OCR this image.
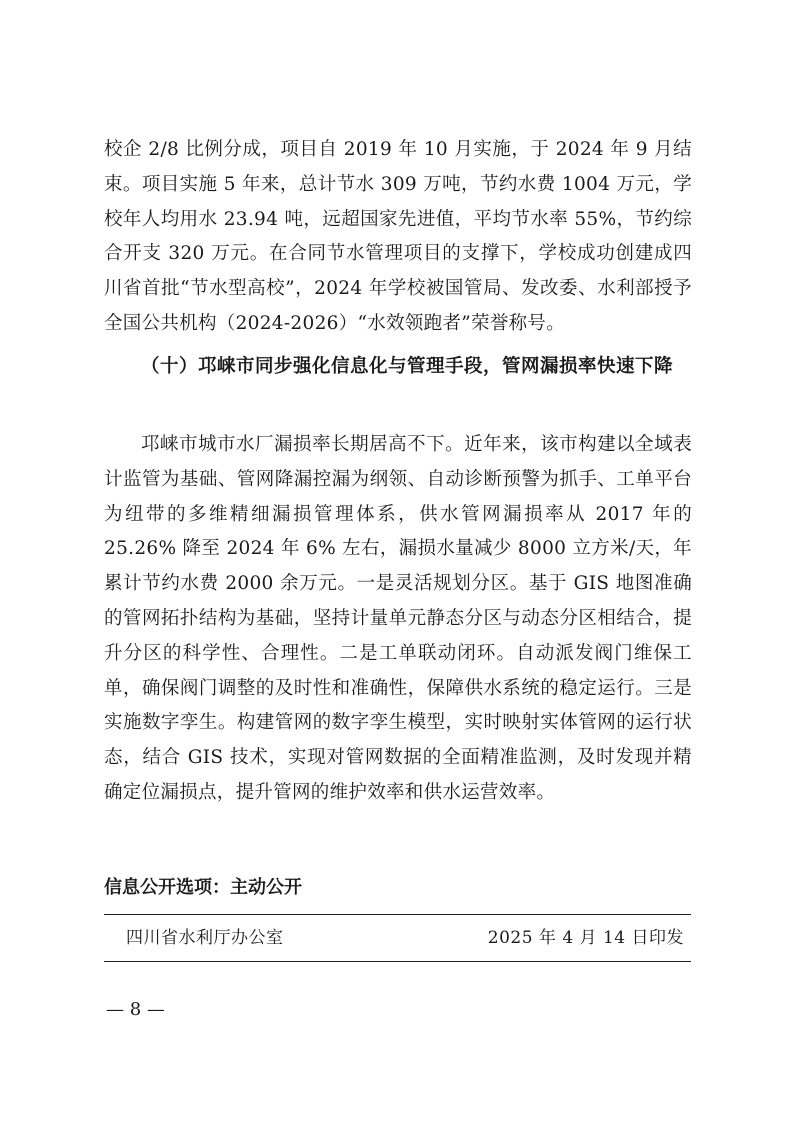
校企 2/8 比例分成，项目自 2019 年 10 月实施，于 2024 年 9 月结束。项目实施 5 年来，总计节水 309 万吨，节约水费 1004 万元，学校年人均用水 23.94 吨，远超国家先进值，平均节水率 55%，节约综合开支 320 万元。在合同节水管理项目的支撑下，学校成功创建成四川省首批“节水型高校”，2024 年学校被国管局、发改委、水利部授予全国公共机构（2024-2026）“水效领跑者”荣誉称号。

（十）邛崃市同步强化信息化与管理手段，管网漏损率快速下降

邛崃市城市水厂漏损率长期居高不下。近年来，该市构建以全域表计监管为基础、管网降漏控漏为纲领、自动诊断预警为抓手、工单平台为纽带的多维精细漏损管理体系，供水管网漏损率从 2017 年的 25.26% 降至 2024 年 6% 左右，漏损水量减少 8000 立方米/天，年累计节约水费 2000 余万元。一是灵活规划分区。基于 GIS 地图准确的管网拓扑结构为基础，坚持计量单元静态分区与动态分区相结合，提升分区的科学性、合理性。二是工单联动闭环。自动派发阀门维保工单，确保阀门调整的及时性和准确性，保障供水系统的稳定运行。三是实施数字孪生。构建管网的数字孪生模型，实时映射实体管网的运行状态，结合 GIS 技术，实现对管网数据的全面精准监测，及时发现并精确定位漏损点，提升管网的维护效率和供水运营效率。

信息公开选项：主动公开

四川省水利厅办公室	2025 年 4 月 14 日印发

— 8 —
